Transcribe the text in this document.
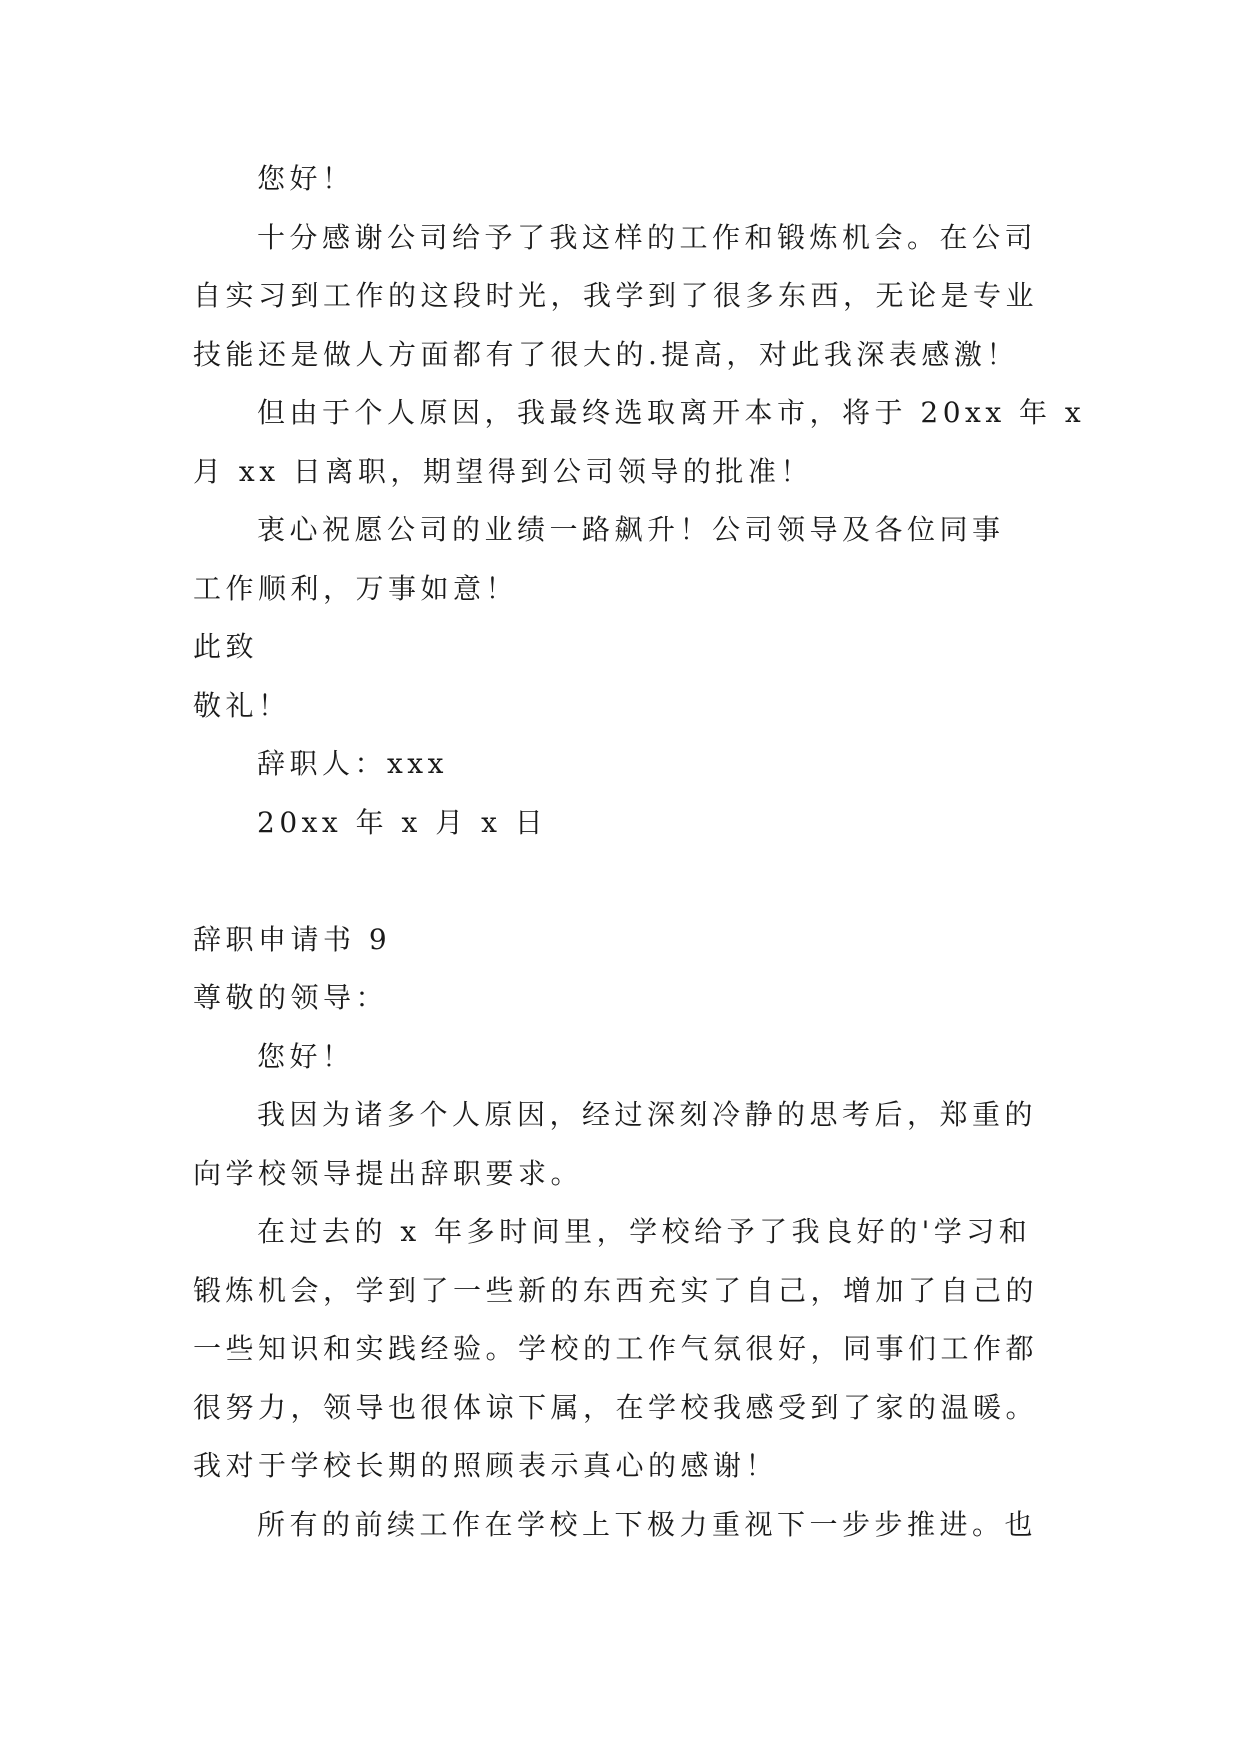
您好！
十分感谢公司给予了我这样的工作和锻炼机会。在公司
自实习到工作的这段时光，我学到了很多东西，无论是专业
技能还是做人方面都有了很大的.提高，对此我深表感激！
但由于个人原因，我最终选取离开本市，将于 20xx 年 x
月 xx 日离职，期望得到公司领导的批准！
衷心祝愿公司的业绩一路飙升！公司领导及各位同事
工作顺利，万事如意！
此致
敬礼！
辞职人：xxx
20xx 年 x 月 x 日
辞职申请书 9
尊敬的领导：
您好！
我因为诸多个人原因，经过深刻冷静的思考后，郑重的
向学校领导提出辞职要求。
在过去的 x 年多时间里，学校给予了我良好的'学习和
锻炼机会，学到了一些新的东西充实了自己，增加了自己的
一些知识和实践经验。学校的工作气氛很好，同事们工作都
很努力，领导也很体谅下属，在学校我感受到了家的温暖。
我对于学校长期的照顾表示真心的感谢！
所有的前续工作在学校上下极力重视下一步步推进。也
